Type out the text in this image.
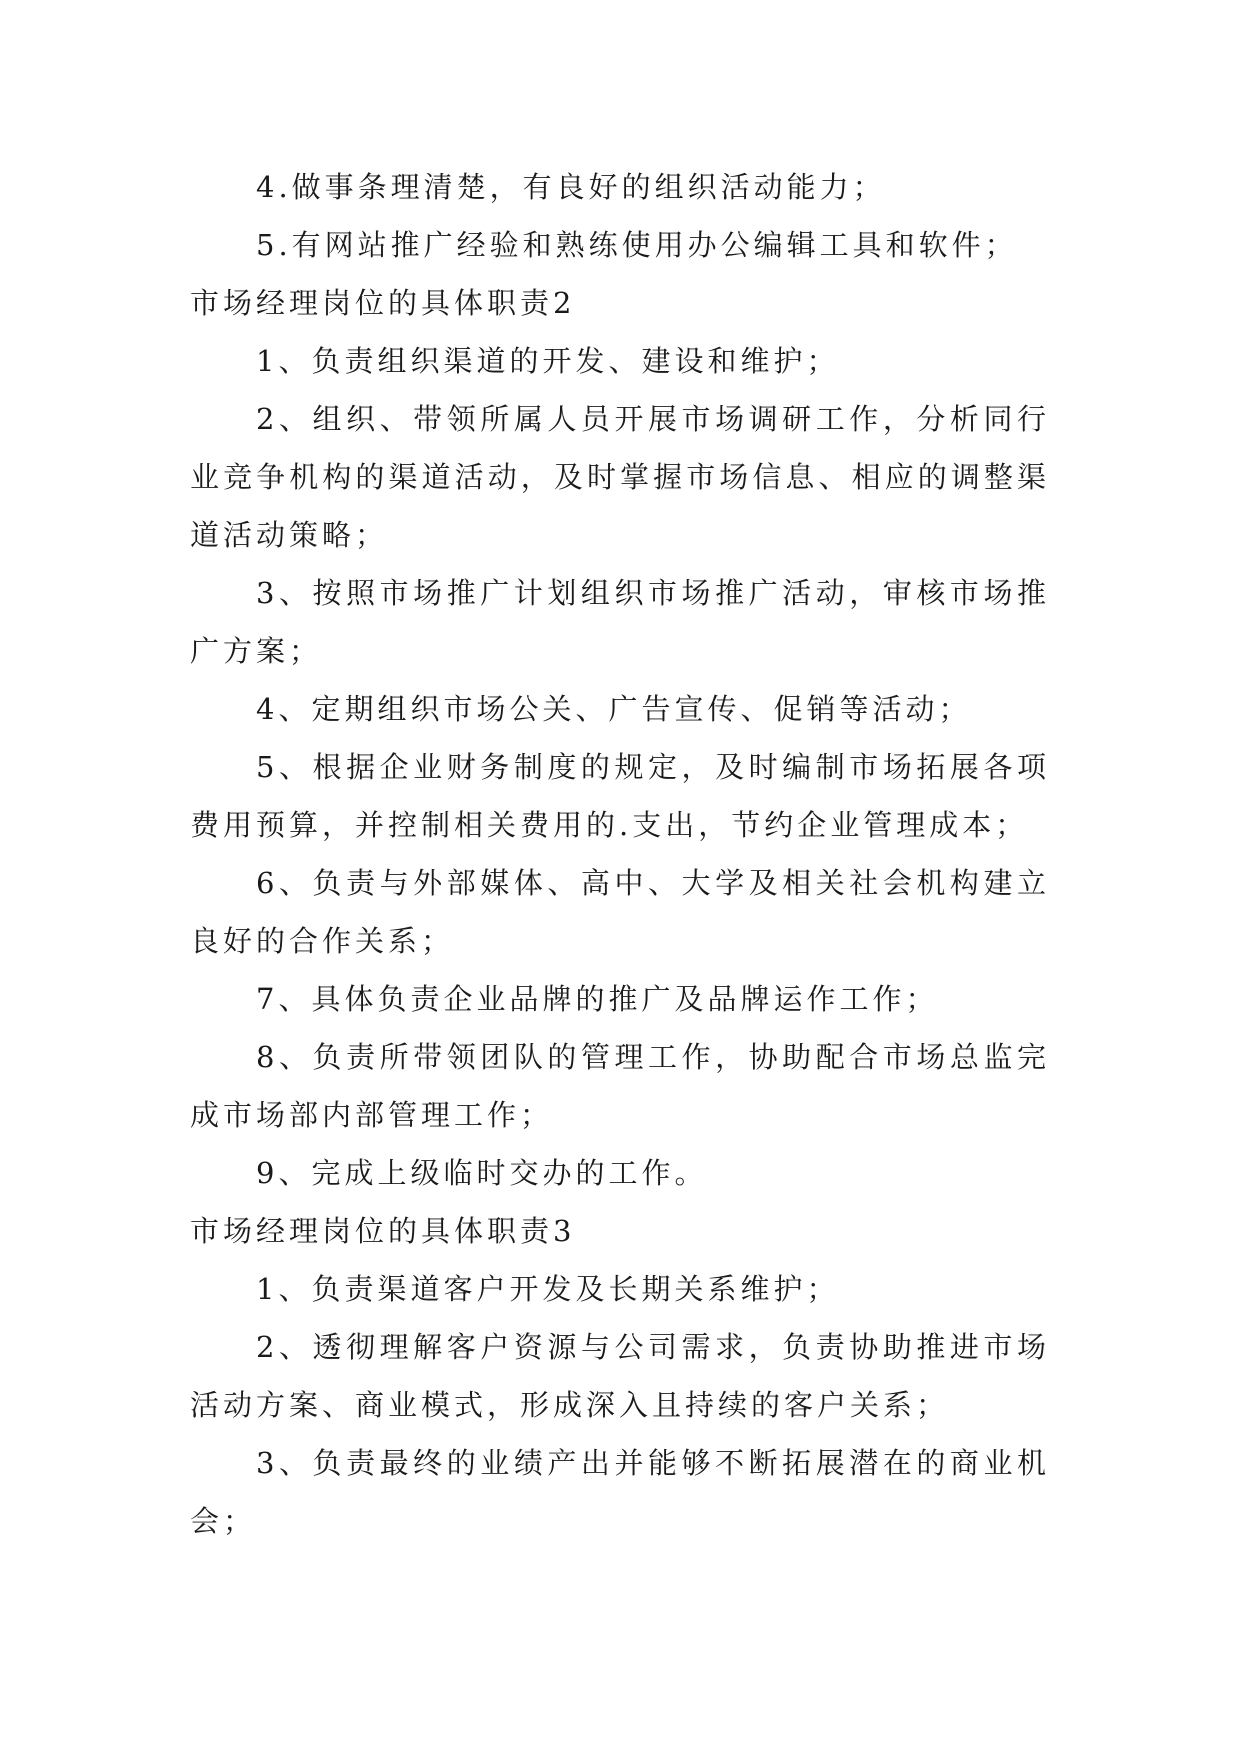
4.做事条理清楚，有良好的组织活动能力；

5.有网站推广经验和熟练使用办公编辑工具和软件；

市场经理岗位的具体职责2

1、负责组织渠道的开发、建设和维护；

2、组织、带领所属人员开展市场调研工作，分析同行业竞争机构的渠道活动，及时掌握市场信息、相应的调整渠道活动策略；

3、按照市场推广计划组织市场推广活动，审核市场推广方案；

4、定期组织市场公关、广告宣传、促销等活动；

5、根据企业财务制度的规定，及时编制市场拓展各项费用预算，并控制相关费用的.支出，节约企业管理成本；

6、负责与外部媒体、高中、大学及相关社会机构建立良好的合作关系；

7、具体负责企业品牌的推广及品牌运作工作；

8、负责所带领团队的管理工作，协助配合市场总监完成市场部内部管理工作；

9、完成上级临时交办的工作。

市场经理岗位的具体职责3

1、负责渠道客户开发及长期关系维护；

2、透彻理解客户资源与公司需求，负责协助推进市场活动方案、商业模式，形成深入且持续的客户关系；

3、负责最终的业绩产出并能够不断拓展潜在的商业机会；
